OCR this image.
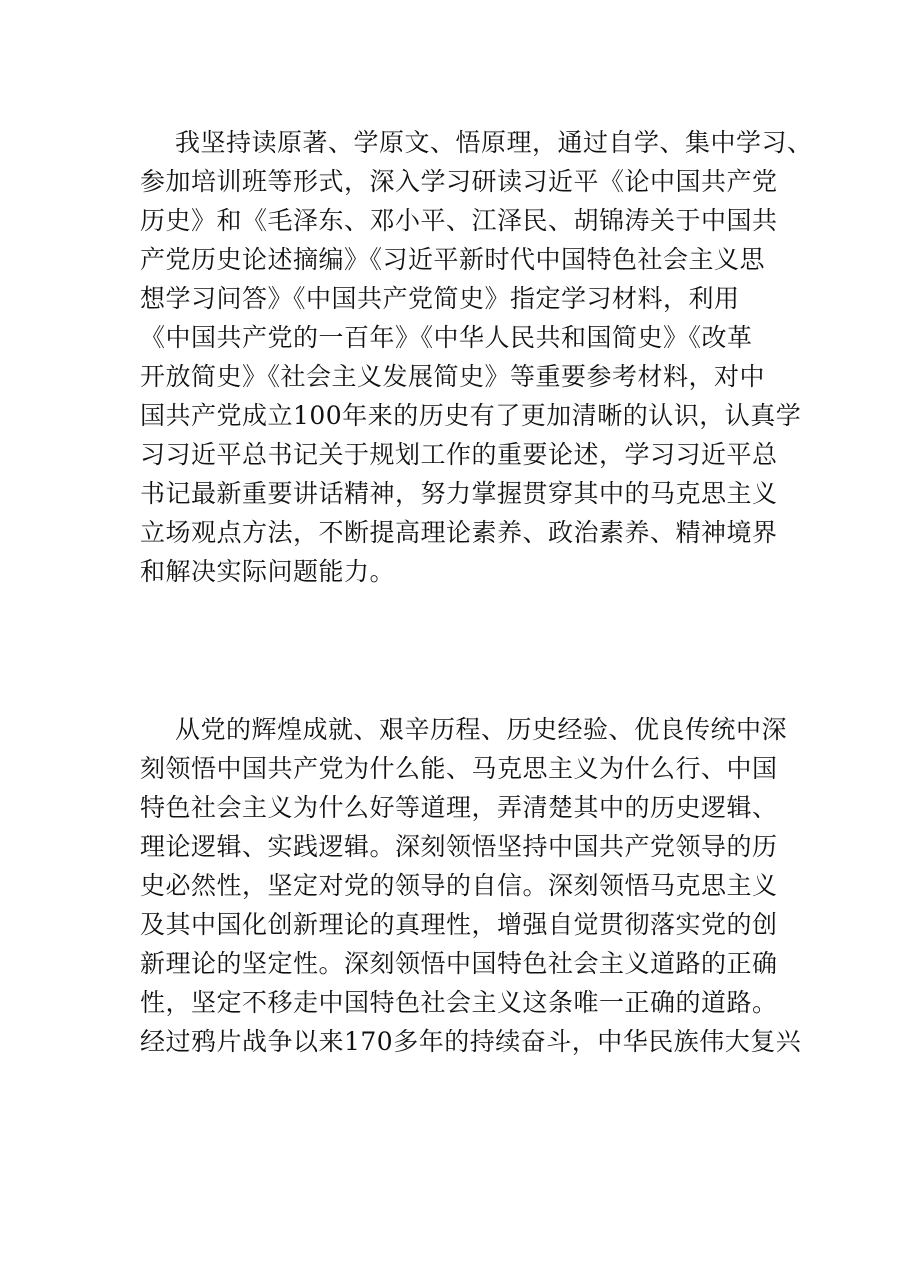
我坚持读原著、学原文、悟原理，通过自学、集中学习、
参加培训班等形式，深入学习研读习近平《论中国共产党
历史》和《毛泽东、邓小平、江泽民、胡锦涛关于中国共
产党历史论述摘编》《习近平新时代中国特色社会主义思
想学习问答》《中国共产党简史》指定学习材料，利用
《中国共产党的一百年》《中华人民共和国简史》《改革
开放简史》《社会主义发展简史》等重要参考材料，对中
国共产党成立100年来的历史有了更加清晰的认识，认真学
习习近平总书记关于规划工作的重要论述，学习习近平总
书记最新重要讲话精神，努力掌握贯穿其中的马克思主义
立场观点方法，不断提高理论素养、政治素养、精神境界
和解决实际问题能力。
从党的辉煌成就、艰辛历程、历史经验、优良传统中深
刻领悟中国共产党为什么能、马克思主义为什么行、中国
特色社会主义为什么好等道理，弄清楚其中的历史逻辑、
理论逻辑、实践逻辑。深刻领悟坚持中国共产党领导的历
史必然性，坚定对党的领导的自信。深刻领悟马克思主义
及其中国化创新理论的真理性，增强自觉贯彻落实党的创
新理论的坚定性。深刻领悟中国特色社会主义道路的正确
性，坚定不移走中国特色社会主义这条唯一正确的道路。
经过鸦片战争以来170多年的持续奋斗，中华民族伟大复兴
